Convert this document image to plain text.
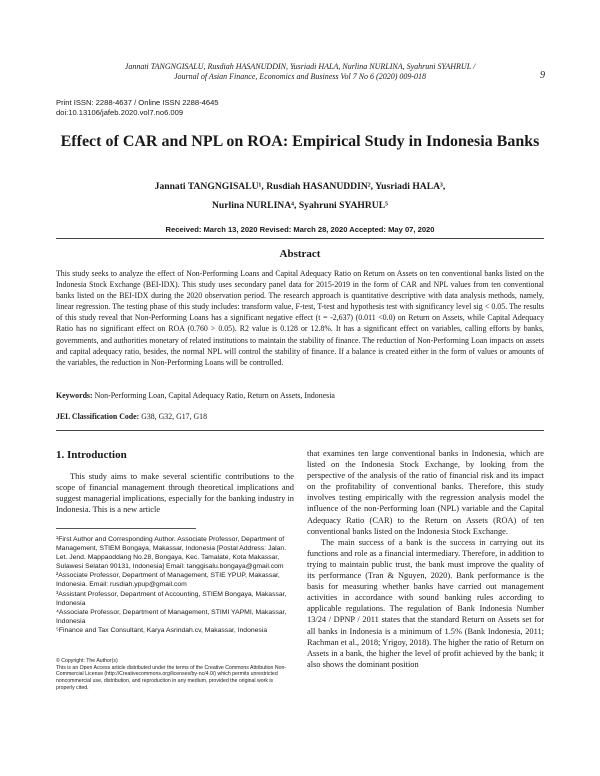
Jannati TANGNGISALU, Rusdiah HASANUDDIN, Yusriadi HALA, Nurlina NURLINA, Syahruni SYAHRUL /
Journal of Asian Finance, Economics and Business Vol 7 No 6 (2020) 009-018	9
Print ISSN: 2288-4637 / Online ISSN 2288-4645
doi:10.13106/jafeb.2020.vol7.no6.009
Effect of CAR and NPL on ROA: Empirical Study in Indonesia Banks
Jannati TANGNGISALU¹, Rusdiah HASANUDDIN², Yusriadi HALA³,
Nurlina NURLINA⁴, Syahruni SYAHRUL⁵
Received: March 13, 2020 Revised: March 28, 2020 Accepted: May 07, 2020
Abstract
This study seeks to analyze the effect of Non-Performing Loans and Capital Adequacy Ratio on Return on Assets on ten conventional banks listed on the Indonesia Stock Exchange (BEI-IDX). This study uses secondary panel data for 2015-2019 in the form of CAR and NPL values from ten conventional banks listed on the BEI-IDX during the 2020 observation period. The research approach is quantitative descriptive with data analysis methods, namely, linear regression. The testing phase of this study includes: transform value, F-test, T-test and hypothesis test with significancy level sig < 0.05. The results of this study reveal that Non-Performing Loans has a significant negative effect (t = -2,637) (0.011 <0.0) on Return on Assets, while Capital Adequacy Ratio has no significant effect on ROA (0.760 > 0.05). R2 value is 0.128 or 12.8%. It has a significant effect on variables, calling efforts by banks, governments, and authorities monetary of related institutions to maintain the stability of finance. The reduction of Non-Performing Loan impacts on assets and capital adequacy ratio, besides, the normal NPL will control the stability of finance. If a balance is created either in the form of values or amounts of the variables, the reduction in Non-Performing Loans will be controlled.
Keywords: Non-Performing Loan, Capital Adequacy Ratio, Return on Assets, Indonesia
JEL Classification Code: G38, G32, G17, G18
1. Introduction

This study aims to make several scientific contributions to the scope of financial management through theoretical implications and suggest managerial implications, especially for the banking industry in Indonesia. This is a new article

¹First Author and Corresponding Author. Associate Professor, Department of Management, STIEM Bongaya, Makassar, Indonesia [Postal Address: Jalan. Let. Jend. Mappaoddang No.28, Bongaya, Kec. Tamalate, Kota Makassar, Sulawesi Selatan 90131, Indonesia] Email: tanggisalu.bongaya@gmail.com

²Associate Professor, Department of Management, STIE YPUP, Makassar, Indonesia. Email: rusdiah.ypup@gmail.com

³Assistant Professor, Department of Accounting, STIEM Bongaya, Makassar, Indonesia

⁴Associate Professor, Department of Management, STIMI YAPMI, Makassar, Indonesia

⁵Finance and Tax Consultant, Karya Asrindah.cv, Makassar, Indonesia

© Copyright: The Author(s)
This is an Open Access article distributed under the terms of the Creative Commons Attribution Non-Commercial License (http://Creativecommons.org/licenses/by-nc/4.0/) which permits unrestricted noncommercial use, distribution, and reproduction in any medium, provided the original work is properly cited.

that examines ten large conventional banks in Indonesia, which are listed on the Indonesia Stock Exchange, by looking from the perspective of the analysis of the ratio of financial risk and its impact on the profitability of conventional banks. Therefore, this study involves testing empirically with the regression analysis model the influence of the non-Performing loan (NPL) variable and the Capital Adequacy Ratio (CAR) to the Return on Assets (ROA) of ten conventional banks listed on the Indonesia Stock Exchange.

The main success of a bank is the success in carrying out its functions and role as a financial intermediary. Therefore, in addition to trying to maintain public trust, the bank must improve the quality of its performance (Tran & Nguyen, 2020). Bank performance is the basis for measuring whether banks have carried out management activities in accordance with sound banking rules according to applicable regulations. The regulation of Bank Indonesia Number 13/24 / DPNP / 2011 states that the standard Return on Assets set for all banks in Indonesia is a minimum of 1.5% (Bank Indonesia, 2011; Rachman et al., 2018; Yrigoy, 2018). The higher the ratio of Return on Assets in a bank, the higher the level of profit achieved by the bank; it also shows the dominant position
